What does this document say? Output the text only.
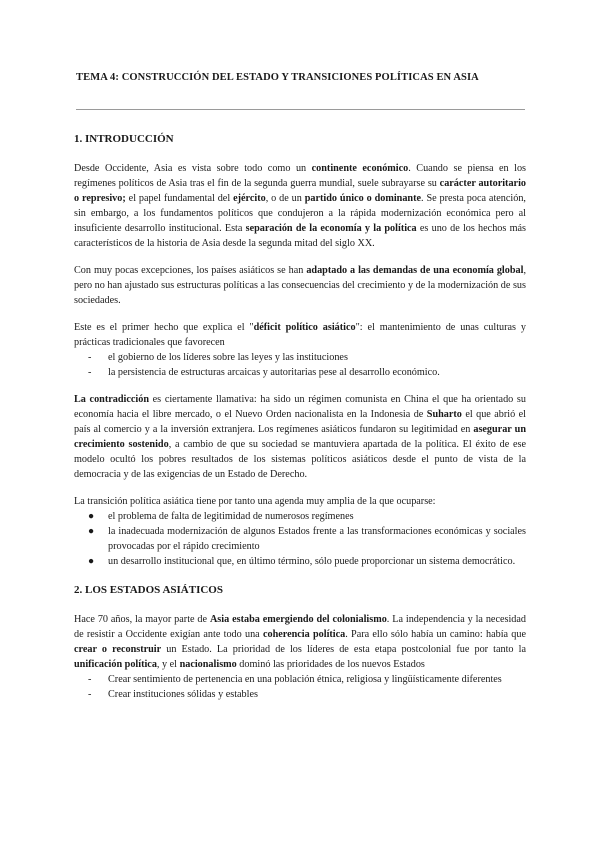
TEMA 4: CONSTRUCCIÓN DEL ESTADO Y TRANSICIONES POLÍTICAS EN ASIA
1. INTRODUCCIÓN

Desde Occidente, Asia es vista sobre todo como un continente económico. Cuando se piensa en los regímenes políticos de Asia tras el fin de la segunda guerra mundial, suele subrayarse su carácter autoritario o represivo; el papel fundamental del ejército, o de un partido único o dominante. Se presta poca atención, sin embargo, a los fundamentos políticos que condujeron a la rápida modernización económica pero al insuficiente desarrollo institucional. Esta separación de la economía y la política es uno de los hechos más característicos de la historia de Asia desde la segunda mitad del siglo XX.

Con muy pocas excepciones, los países asiáticos se han adaptado a las demandas de una economía global, pero no han ajustado sus estructuras políticas a las consecuencias del crecimiento y de la modernización de sus sociedades.

Este es el primer hecho que explica el "déficit político asiático": el mantenimiento de unas culturas y prácticas tradicionales que favorecen

- el gobierno de los líderes sobre las leyes y las instituciones
- la persistencia de estructuras arcaicas y autoritarias pese al desarrollo económico.

La contradicción es ciertamente llamativa: ha sido un régimen comunista en China el que ha orientado su economía hacia el libre mercado, o el Nuevo Orden nacionalista en la Indonesia de Suharto el que abrió el país al comercio y a la inversión extranjera. Los regímenes asiáticos fundaron su legitimidad en asegurar un crecimiento sostenido, a cambio de que su sociedad se mantuviera apartada de la política. El éxito de ese modelo ocultó los pobres resultados de los sistemas políticos asiáticos desde el punto de vista de la democracia y de las exigencias de un Estado de Derecho.

La transición política asiática tiene por tanto una agenda muy amplia de la que ocuparse:

● el problema de falta de legitimidad de numerosos regímenes
● la inadecuada modernización de algunos Estados frente a las transformaciones económicas y sociales provocadas por el rápido crecimiento
● un desarrollo institucional que, en último término, sólo puede proporcionar un sistema democrático.
2. LOS ESTADOS ASIÁTICOS

Hace 70 años, la mayor parte de Asia estaba emergiendo del colonialismo. La independencia y la necesidad de resistir a Occidente exigían ante todo una coherencia política. Para ello sólo había un camino: había que crear o reconstruir un Estado. La prioridad de los líderes de esta etapa postcolonial fue por tanto la unificación política, y el nacionalismo dominó las prioridades de los nuevos Estados

- Crear sentimiento de pertenencia en una población étnica, religiosa y lingüísticamente diferentes
- Crear instituciones sólidas y estables
